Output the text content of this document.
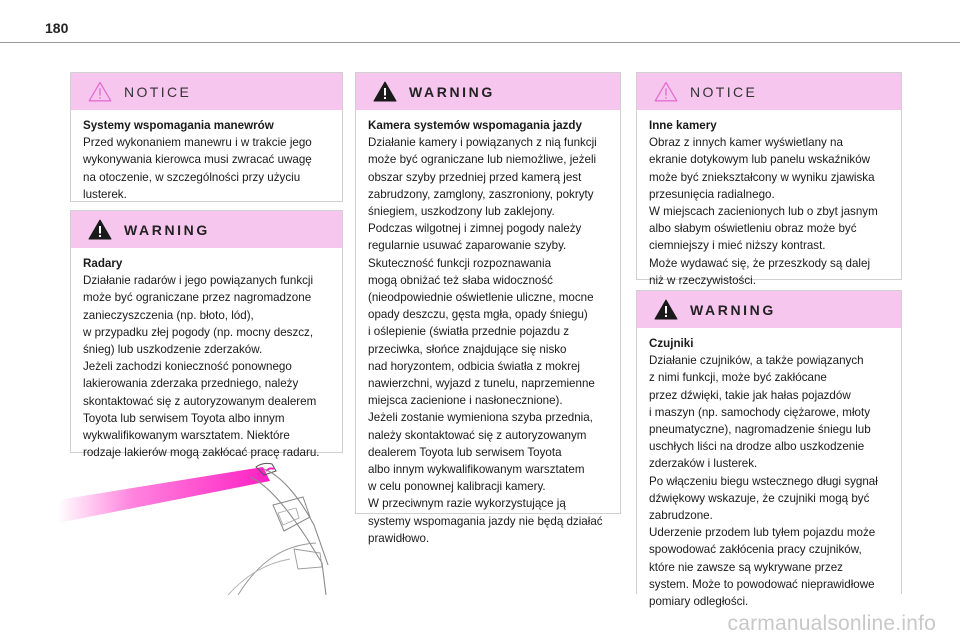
180
NOTICE
Systemy wspomagania manewrów
Przed wykonaniem manewru i w trakcie jego
wykonywania kierowca musi zwracać uwagę
na otoczenie, w szczególności przy użyciu
lusterek.
WARNING
Radary
Działanie radarów i jego powiązanych funkcji
może być ograniczane przez nagromadzone
zanieczyszczenia (np. błoto, lód),
w przypadku złej pogody (np. mocny deszcz,
śnieg) lub uszkodzenie zderzaków.
Jeżeli zachodzi konieczność ponownego
lakierowania zderzaka przedniego, należy
skontaktować się z autoryzowanym dealerem
Toyota lub serwisem Toyota albo innym
wykwalifikowanym warsztatem. Niektóre
rodzaje lakierów mogą zakłócać pracę radaru.
WARNING
Kamera systemów wspomagania jazdy
Działanie kamery i powiązanych z nią funkcji
może być ograniczane lub niemożliwe, jeżeli
obszar szyby przedniej przed kamerą jest
zabrudzony, zamglony, zaszroniony, pokryty
śniegiem, uszkodzony lub zaklejony.
Podczas wilgotnej i zimnej pogody należy
regularnie usuwać zaparowanie szyby.
Skuteczność funkcji rozpoznawania
mogą obniżać też słaba widoczność
(nieodpowiednie oświetlenie uliczne, mocne
opady deszczu, gęsta mgła, opady śniegu)
i oślepienie (światła przednie pojazdu z
przeciwka, słońce znajdujące się nisko
nad horyzontem, odbicia światła z mokrej
nawierzchni, wyjazd z tunelu, naprzemienne
miejsca zacienione i nasłonecznione).
Jeżeli zostanie wymieniona szyba przednia,
należy skontaktować się z autoryzowanym
dealerem Toyota lub serwisem Toyota
albo innym wykwalifikowanym warsztatem
w celu ponownej kalibracji kamery.
W przeciwnym razie wykorzystujące ją
systemy wspomagania jazdy nie będą działać
prawidłowo.
NOTICE
Inne kamery
Obraz z innych kamer wyświetlany na
ekranie dotykowym lub panelu wskaźników
może być zniekształcony w wyniku zjawiska
przesunięcia radialnego.
W miejscach zacienionych lub o zbyt jasnym
albo słabym oświetleniu obraz może być
ciemniejszy i mieć niższy kontrast.
Może wydawać się, że przeszkody są dalej
niż w rzeczywistości.
WARNING
Czujniki
Działanie czujników, a także powiązanych
z nimi funkcji, może być zakłócane
przez dźwięki, takie jak hałas pojazdów
i maszyn (np. samochody ciężarowe, młoty
pneumatyczne), nagromadzenie śniegu lub
uschłych liści na drodze albo uszkodzenie
zderzaków i lusterek.
Po włączeniu biegu wstecznego długi sygnał
dźwiękowy wskazuje, że czujniki mogą być
zabrudzone.
Uderzenie przodem lub tyłem pojazdu może
spowodować zakłócenia pracy czujników,
które nie zawsze są wykrywane przez
system. Może to powodować nieprawidłowe
pomiary odległości.
carmanualsonline.info
